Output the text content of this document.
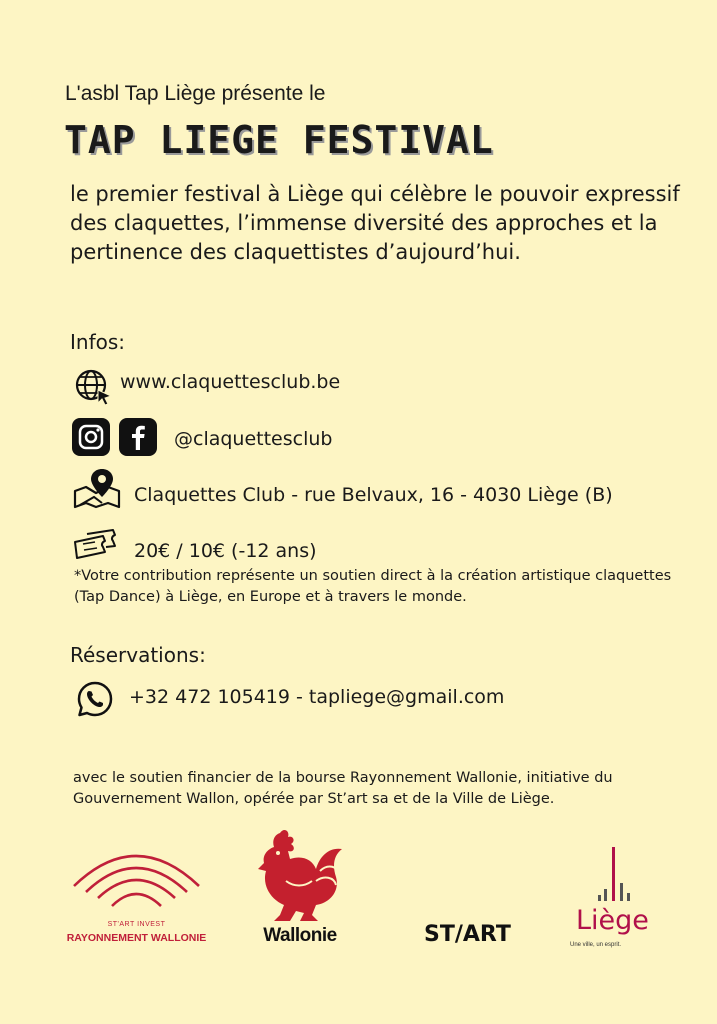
L'asbl Tap Liège présente le
TAP LIEGE FESTIVAL
le premier festival à Liège qui célèbre le pouvoir expressif des claquettes, l’immense diversité des approches et la pertinence des claquettistes d’aujourd’hui.
Infos:
www.claquettesclub.be
@claquettesclub
Claquettes Club - rue Belvaux, 16 - 4030 Liège (B)
20€ / 10€ (-12 ans)
*Votre contribution représente un soutien direct à la création artistique claquettes (Tap Dance) à Liège, en Europe et à travers le monde.
Réservations:
+32 472 105419 - tapliege@gmail.com
avec le soutien financier de la bourse Rayonnement Wallonie, initiative du Gouvernement Wallon, opérée par St’art sa et de la Ville de Liège.
ST'ART INVEST
RAYONNEMENT WALLONIE	Wallonie	ST/ART Liège
Une ville, un esprit.
